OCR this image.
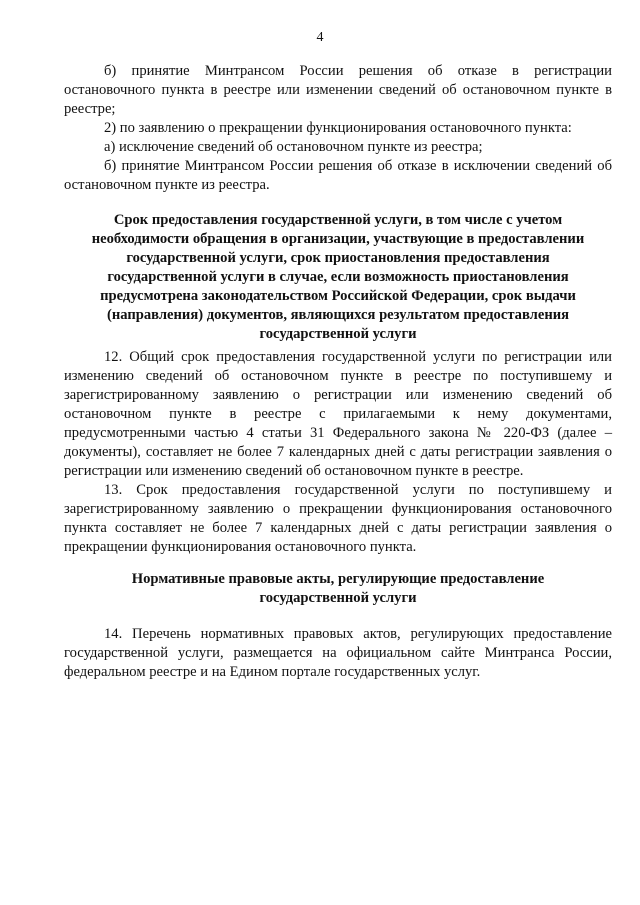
4

б) принятие Минтрансом России решения об отказе в регистрации остановочного пункта в реестре или изменении сведений об остановочном пункте в реестре;

2) по заявлению о прекращении функционирования остановочного пункта:

а) исключение сведений об остановочном пункте из реестра;

б) принятие Минтрансом России решения об отказе в исключении сведений об остановочном пункте из реестра.

Срок предоставления государственной услуги, в том числе с учетом необходимости обращения в организации, участвующие в предоставлении государственной услуги, срок приостановления предоставления государственной услуги в случае, если возможность приостановления предусмотрена законодательством Российской Федерации, срок выдачи (направления) документов, являющихся результатом предоставления государственной услуги

12. Общий срок предоставления государственной услуги по регистрации или изменению сведений об остановочном пункте в реестре по поступившему и зарегистрированному заявлению о регистрации или изменению сведений об остановочном пункте в реестре с прилагаемыми к нему документами, предусмотренными частью 4 статьи 31 Федерального закона № 220-ФЗ (далее – документы), составляет не более 7 календарных дней с даты регистрации заявления о регистрации или изменению сведений об остановочном пункте в реестре.

13. Срок предоставления государственной услуги по поступившему и зарегистрированному заявлению о прекращении функционирования остановочного пункта составляет не более 7 календарных дней с даты регистрации заявления о прекращении функционирования остановочного пункта.

Нормативные правовые акты, регулирующие предоставление государственной услуги

14. Перечень нормативных правовых актов, регулирующих предоставление государственной услуги, размещается на официальном сайте Минтранса России, федеральном реестре и на Едином портале государственных услуг.
